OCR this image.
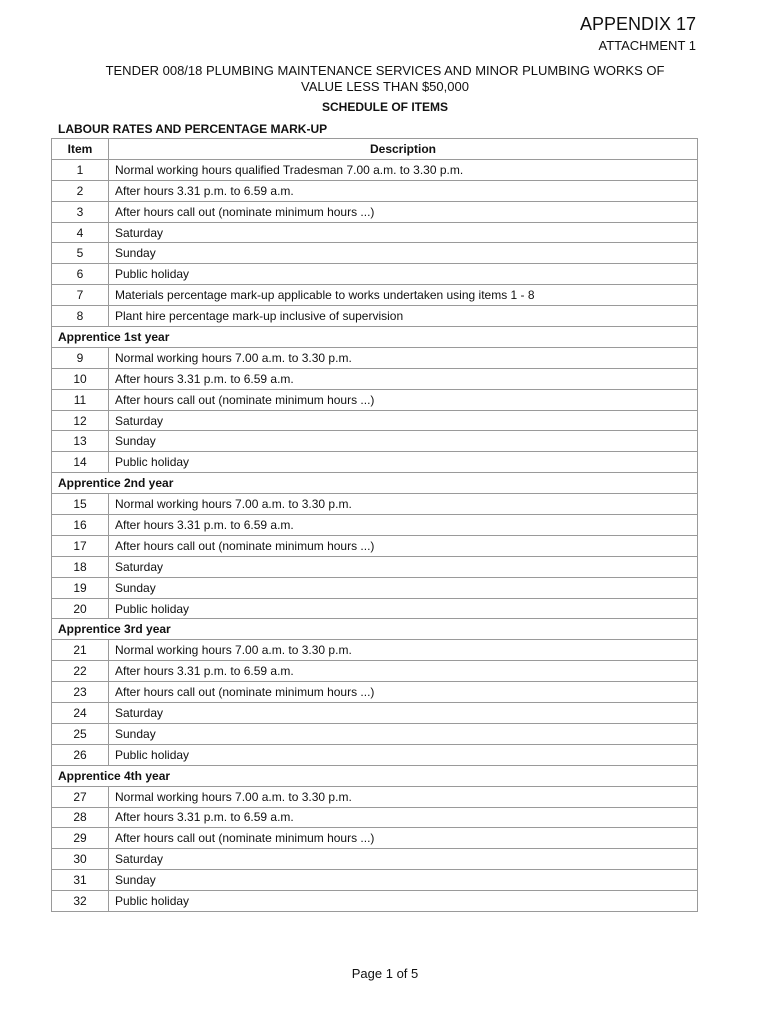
APPENDIX 17
ATTACHMENT 1
TENDER 008/18 PLUMBING MAINTENANCE SERVICES AND MINOR PLUMBING WORKS OF
VALUE LESS THAN $50,000
SCHEDULE OF ITEMS
LABOUR RATES AND PERCENTAGE MARK-UP
Item	Description
1	Normal working hours qualified Tradesman 7.00 a.m. to 3.30 p.m.
2	After hours 3.31 p.m. to 6.59 a.m.
3	After hours call out (nominate minimum hours ...)
4	Saturday
5	Sunday
6	Public holiday
7	Materials percentage mark-up applicable to works undertaken using items 1 - 8
8	Plant hire percentage mark-up inclusive of supervision
Apprentice 1st year	
9	Normal working hours 7.00 a.m. to 3.30 p.m.
10	After hours 3.31 p.m. to 6.59 a.m.
11	After hours call out (nominate minimum hours ...)
12	Saturday
13	Sunday
14	Public holiday
Apprentice 2nd year	
15	Normal working hours 7.00 a.m. to 3.30 p.m.
16	After hours 3.31 p.m. to 6.59 a.m.
17	After hours call out (nominate minimum hours ...)
18	Saturday
19	Sunday
20	Public holiday
Apprentice 3rd year	
21	Normal working hours 7.00 a.m. to 3.30 p.m.
22	After hours 3.31 p.m. to 6.59 a.m.
23	After hours call out (nominate minimum hours ...)
24	Saturday
25	Sunday
26	Public holiday
Apprentice 4th year	
27	Normal working hours 7.00 a.m. to 3.30 p.m.
28	After hours 3.31 p.m. to 6.59 a.m.
29	After hours call out (nominate minimum hours ...)
30	Saturday
31	Sunday
32	Public holiday
Page 1 of 5
